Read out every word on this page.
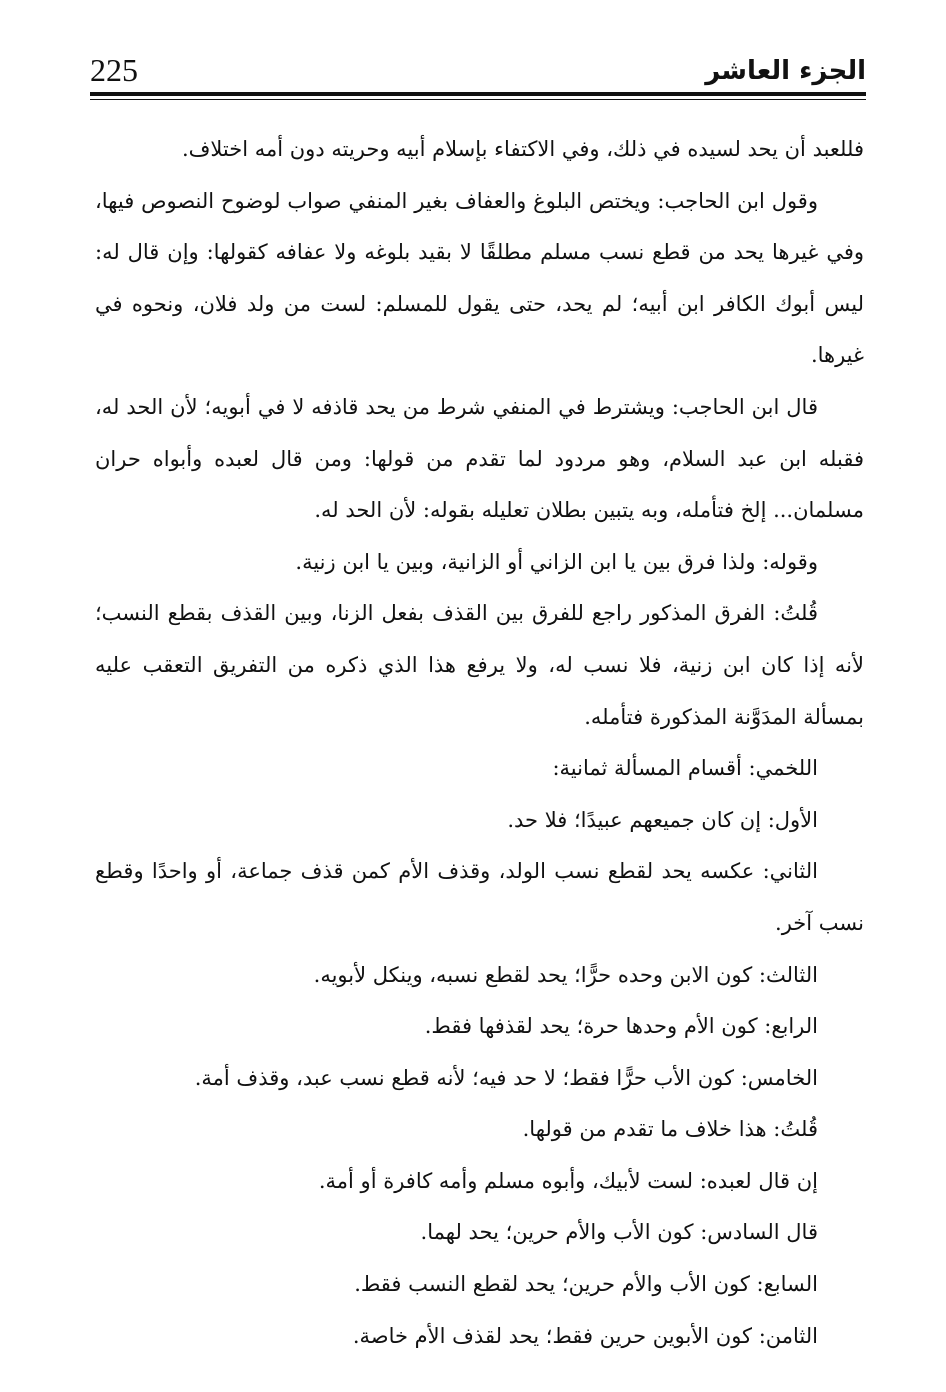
225	الجزء العاشر

فللعبد أن يحد لسيده في ذلك، وفي الاكتفاء بإسلام أبيه وحريته دون أمه اختلاف.

وقول ابن الحاجب: ويختص البلوغ والعفاف بغير المنفي صواب لوضوح النصوص فيها، وفي غيرها يحد من قطع نسب مسلم مطلقًا لا بقيد بلوغه ولا عفافه كقولها: وإن قال له: ليس أبوك الكافر ابن أبيه؛ لم يحد، حتى يقول للمسلم: لست من ولد فلان، ونحوه في غيرها.

قال ابن الحاجب: ويشترط في المنفي شرط من يحد قاذفه لا في أبويه؛ لأن الحد له، فقبله ابن عبد السلام، وهو مردود لما تقدم من قولها: ومن قال لعبده وأبواه حران مسلمان... إلخ فتأمله، وبه يتبين بطلان تعليله بقوله: لأن الحد له.

وقوله: ولذا فرق بين يا ابن الزاني أو الزانية، وبين يا ابن زنية.

قُلتُ: الفرق المذكور راجع للفرق بين القذف بفعل الزنا، وبين القذف بقطع النسب؛ لأنه إذا كان ابن زنية، فلا نسب له، ولا يرفع هذا الذي ذكره من التفريق التعقب عليه بمسألة المدَوَّنة المذكورة فتأمله.

اللخمي: أقسام المسألة ثمانية:

الأول: إن كان جميعهم عبيدًا؛ فلا حد.

الثاني: عكسه يحد لقطع نسب الولد، وقذف الأم كمن قذف جماعة، أو واحدًا وقطع نسب آخر.

الثالث: كون الابن وحده حرًّا؛ يحد لقطع نسبه، وينكل لأبويه.

الرابع: كون الأم وحدها حرة؛ يحد لقذفها فقط.

الخامس: كون الأب حرًّا فقط؛ لا حد فيه؛ لأنه قطع نسب عبد، وقذف أمة.

قُلتُ: هذا خلاف ما تقدم من قولها.

إن قال لعبده: لست لأبيك، وأبوه مسلم وأمه كافرة أو أمة.

قال السادس: كون الأب والأم حرين؛ يحد لهما.

السابع: كون الأب والأم حرين؛ يحد لقطع النسب فقط.

الثامن: كون الأبوين حرين فقط؛ يحد لقذف الأم خاصة.
